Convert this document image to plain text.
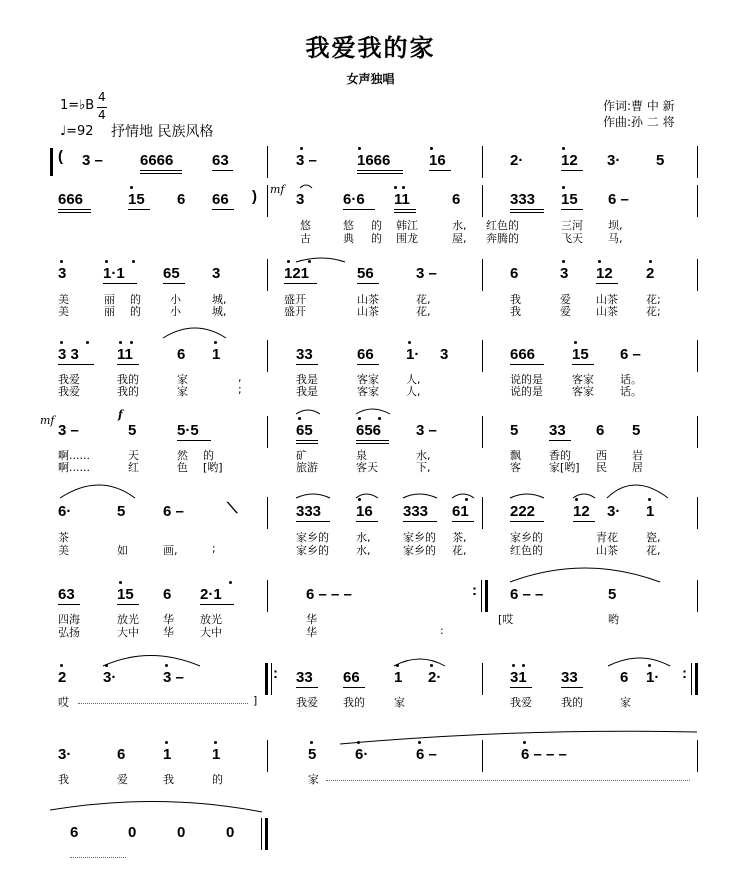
我爱我的家
女声独唱
1=♭B
4
4
♩=92 抒情地 民族风格
作词:曹 中 新
作曲:孙 二 将
( 3 – 6666	63	3 –	1666	16	2·	12 3· 5
666	15 6 66 ) mf
3	6·6 11	6	333 15 6 –
悠	悠 的 韩江	水, 红色的	三河 坝,
古	典 的 围龙	屋, 奔腾的	飞天 马,
3 1·1	65 3	121	56	3 –	6	3 12 2
美	丽 的	小	城,	盛开	山茶	花,	我	爱 山茶	花;
美	丽 的	小	城,	盛开	山茶	花,	我	爱 山茶	花;
3 3	11	6 1	33	66 1· 3	666 15 6 –
我爱	我的	家	,	我是	客家 人,	说的是	客家 话。
我爱	我的	家	;	我是	客家 人,	说的是	客家 话。
mf
3 –
f
5	5·5	65	656 3 –	5 33 6 5
啊......	天	然 的	矿	泉	水,	飘	香的 西 岩
啊......	红	色 [哟]	旅游	客天	下,	客	家[哟] 民 居
6·	5	6 –	⟍	333 16 333 61	222	12 3· 1
茶	家乡的 水,	家乡的 茶,	家乡的	青花	瓷,
美	如	画,	;	家乡的 水,	家乡的 花,	红色的	山茶	花,
63	15 6 2·1	6 – – –	: 6 – –	5
四海	放光 华 放光	华	[哎	哟
弘扬	大中 华 大中	华	:
2 3·	3 –	: 33 66 1 2·	31 33	6 1· :
哎	]	我爱 我的	家	我爱	我的	家
3·	6	1	1	5	6·	6 –	6 – – –
我	爱	我	的	家
6	0	0	0
